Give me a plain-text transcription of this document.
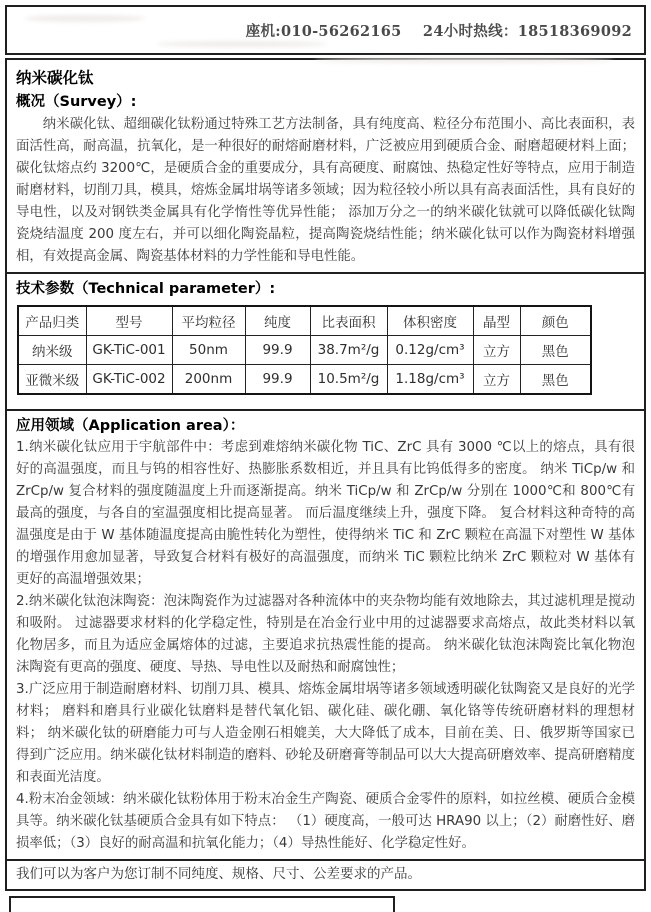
座机:010-56262165    24小时热线：18518369092
纳米碳化钛
概况（Survey）:

纳米碳化钛、超细碳化钛粉通过特殊工艺方法制备，具有纯度高、粒径分布范围小、高比表面积，表面活性高，耐高温，抗氧化，是一种很好的耐熔耐磨材料，广泛被应用到硬质合金、耐磨超硬材料上面；碳化钛熔点约 3200℃，是硬质合金的重要成分，具有高硬度、耐腐蚀、热稳定性好等特点，应用于制造耐磨材料，切削刀具，模具，熔炼金属坩埚等诸多领域；因为粒径较小所以具有高表面活性，具有良好的导电性，以及对钢铁类金属具有化学惰性等优异性能； 添加万分之一的纳米碳化钛就可以降低碳化钛陶瓷烧结温度 200 度左右，并可以细化陶瓷晶粒，提高陶瓷烧结性能；纳米碳化钛可以作为陶瓷材料增强相，有效提高金属、陶瓷基体材料的力学性能和导电性能。

技术参数（Technical parameter）:
产品归类	型号	平均粒径	纯度	比表面积	体积密度	晶型	颜色
纳米级	GK-TiC-001	50nm	99.9	38.7m²/g	0.12g/cm³	立方	黑色
亚微米级	GK-TiC-002	200nm	99.9	10.5m²/g	1.18g/cm³	立方	黑色
应用领域（Application area）：

1.纳米碳化钛应用于宇航部件中：考虑到难熔纳米碳化物 TiC、ZrC 具有 3000 ℃以上的熔点，具有很好的高温强度，而且与钨的相容性好、热膨胀系数相近，并且具有比钨低得多的密度。 纳米 TiCp/w 和 ZrCp/w 复合材料的强度随温度上升而逐渐提高。纳米 TiCp/w 和 ZrCp/w 分别在 1000℃和 800℃有最高的强度，与各自的室温强度相比提高显著。 而后温度继续上升，强度下降。 复合材料这种奇特的高温强度是由于 W 基体随温度提高由脆性转化为塑性，使得纳米 TiC 和 ZrC 颗粒在高温下对塑性 W 基体的增强作用愈加显著，导致复合材料有极好的高温强度，而纳米 TiC 颗粒比纳米 ZrC 颗粒对 W 基体有更好的高温增强效果；

2.纳米碳化钛泡沫陶瓷：泡沫陶瓷作为过滤器对各种流体中的夹杂物均能有效地除去，其过滤机理是搅动和吸附。 过滤器要求材料的化学稳定性，特别是在冶金行业中用的过滤器要求高熔点，故此类材料以氧化物居多，而且为适应金属熔体的过滤，主要追求抗热震性能的提高。 纳米碳化钛泡沫陶瓷比氧化物泡沫陶瓷有更高的强度、硬度、导热、导电性以及耐热和耐腐蚀性；

3.广泛应用于制造耐磨材料、切削刀具、模具、熔炼金属坩埚等诸多领域透明碳化钛陶瓷又是良好的光学材料； 磨料和磨具行业碳化钛磨料是替代氧化铝、碳化硅、碳化硼、氧化铬等传统研磨材料的理想材料； 纳米碳化钛的研磨能力可与人造金刚石相媲美，大大降低了成本，目前在美、日、俄罗斯等国家已得到广泛应用。纳米碳化钛材料制造的磨料、砂轮及研磨膏等制品可以大大提高研磨效率、提高研磨精度和表面光洁度。

4.粉末冶金领域：纳米碳化钛粉体用于粉末冶金生产陶瓷、硬质合金零件的原料，如拉丝模、硬质合金模具等。纳米碳化钛基硬质合金具有如下特点： （1）硬度高，一般可达 HRA90 以上；（2）耐磨性好、磨损率低；（3）良好的耐高温和抗氧化能力；（4）导热性能好、化学稳定性好。

我们可以为客户为您订制不同纯度、规格、尺寸、公差要求的产品。
